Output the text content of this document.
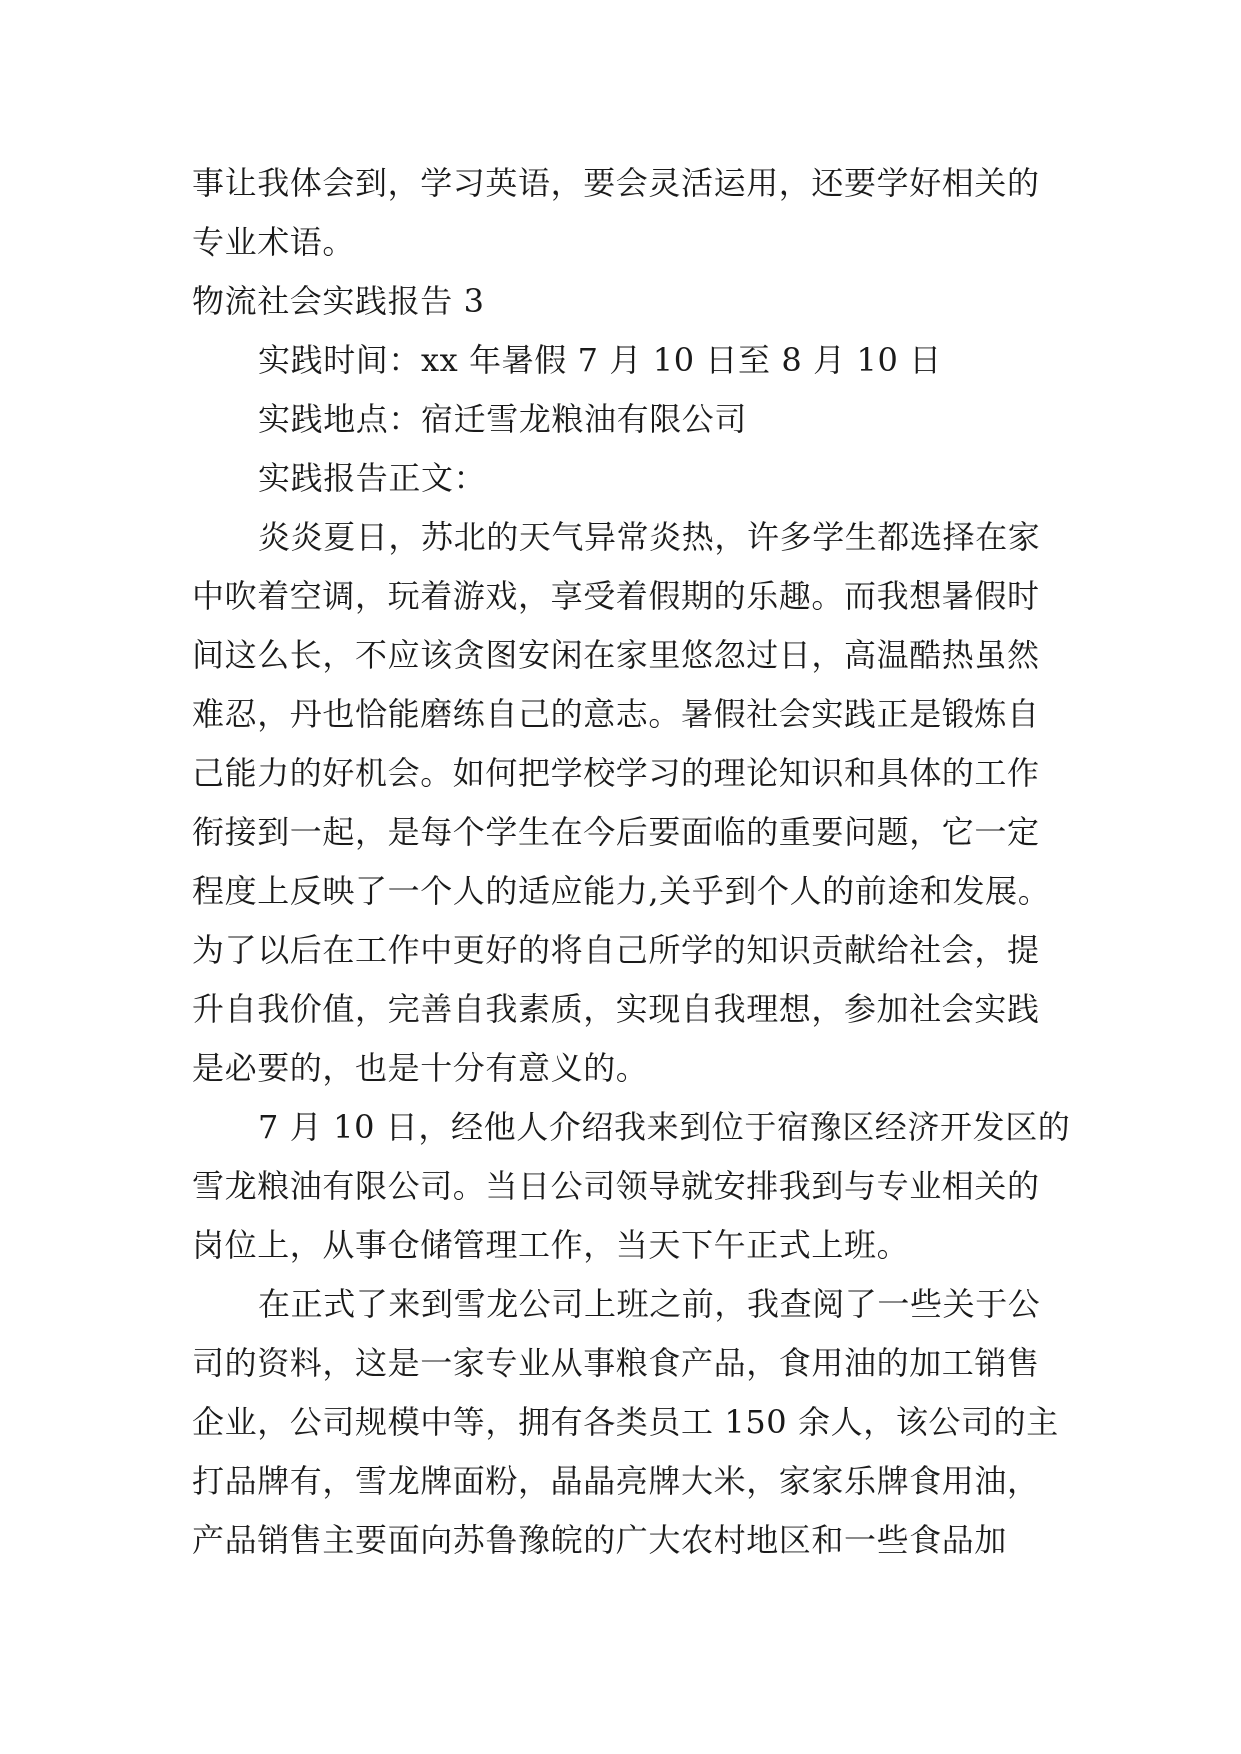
事让我体会到，学习英语，要会灵活运用，还要学好相关的
专业术语。
物流社会实践报告 3
实践时间：xx 年暑假 7 月 10 日至 8 月 10 日
实践地点：宿迁雪龙粮油有限公司
实践报告正文：
炎炎夏日，苏北的天气异常炎热，许多学生都选择在家
中吹着空调，玩着游戏，享受着假期的乐趣。而我想暑假时
间这么长，不应该贪图安闲在家里悠忽过日，高温酷热虽然
难忍，丹也恰能磨练自己的意志。暑假社会实践正是锻炼自
己能力的好机会。如何把学校学习的理论知识和具体的工作
衔接到一起，是每个学生在今后要面临的重要问题，它一定
程度上反映了一个人的适应能力,关乎到个人的前途和发展。
为了以后在工作中更好的将自己所学的知识贡献给社会，提
升自我价值，完善自我素质，实现自我理想，参加社会实践
是必要的，也是十分有意义的。
7 月 10 日，经他人介绍我来到位于宿豫区经济开发区的
雪龙粮油有限公司。当日公司领导就安排我到与专业相关的
岗位上，从事仓储管理工作，当天下午正式上班。
在正式了来到雪龙公司上班之前，我查阅了一些关于公
司的资料，这是一家专业从事粮食产品，食用油的加工销售
企业，公司规模中等，拥有各类员工 150 余人，该公司的主
打品牌有，雪龙牌面粉，晶晶亮牌大米，家家乐牌食用油，
产品销售主要面向苏鲁豫皖的广大农村地区和一些食品加
